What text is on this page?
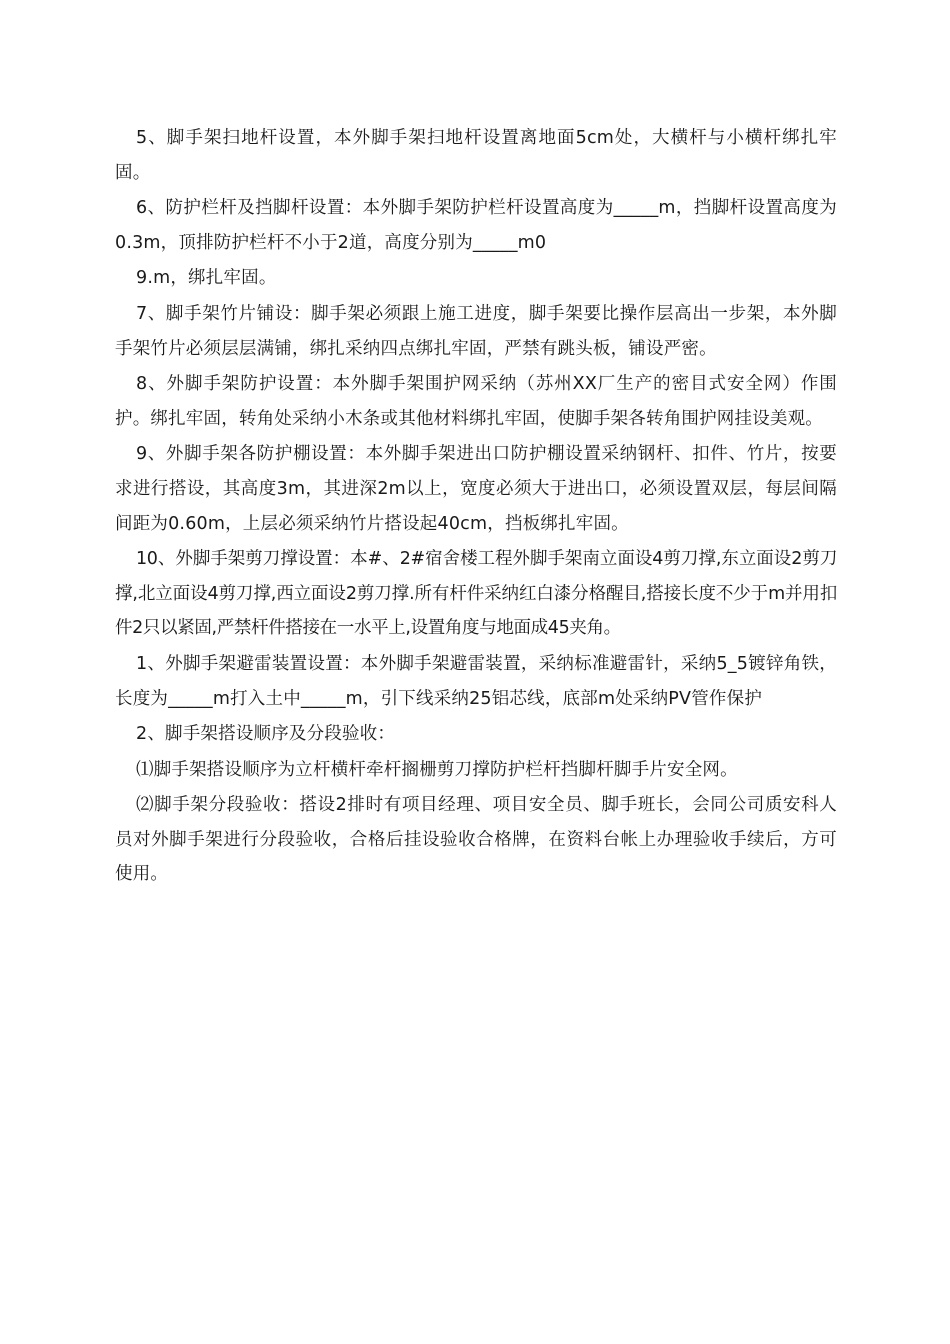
5、脚手架扫地杆设置，本外脚手架扫地杆设置离地面5cm处，大横杆与小横杆绑扎牢固。

6、防护栏杆及挡脚杆设置：本外脚手架防护栏杆设置高度为_____m，挡脚杆设置高度为0.3m，顶排防护栏杆不小于2道，高度分别为_____m0

9.m，绑扎牢固。

7、脚手架竹片铺设：脚手架必须跟上施工进度，脚手架要比操作层高出一步架，本外脚手架竹片必须层层满铺，绑扎采纳四点绑扎牢固，严禁有跳头板，铺设严密。

8、外脚手架防护设置：本外脚手架围护网采纳（苏州XX厂生产的密目式安全网）作围护。绑扎牢固，转角处采纳小木条或其他材料绑扎牢固，使脚手架各转角围护网挂设美观。

9、外脚手架各防护棚设置：本外脚手架进出口防护棚设置采纳钢杆、扣件、竹片，按要求进行搭设，其高度3m，其进深2m以上，宽度必须大于进出口，必须设置双层，每层间隔间距为0.60m，上层必须采纳竹片搭设起40cm，挡板绑扎牢固。

10、外脚手架剪刀撑设置：本#、2#宿舍楼工程外脚手架南立面设4剪刀撑,东立面设2剪刀撑,北立面设4剪刀撑,西立面设2剪刀撑.所有杆件采纳红白漆分格醒目,搭接长度不少于m并用扣件2只以紧固,严禁杆件搭接在一水平上,设置角度与地面成45夹角。

1、外脚手架避雷装置设置：本外脚手架避雷装置，采纳标准避雷针，采纳5_5镀锌角铁，长度为_____m打入土中_____m，引下线采纳25铝芯线，底部m处采纳PV管作保护

2、脚手架搭设顺序及分段验收：

⑴脚手架搭设顺序为立杆横杆牵杆搁栅剪刀撑防护栏杆挡脚杆脚手片安全网。

⑵脚手架分段验收：搭设2排时有项目经理、项目安全员、脚手班长，会同公司质安科人员对外脚手架进行分段验收，合格后挂设验收合格牌，在资料台帐上办理验收手续后，方可使用。
